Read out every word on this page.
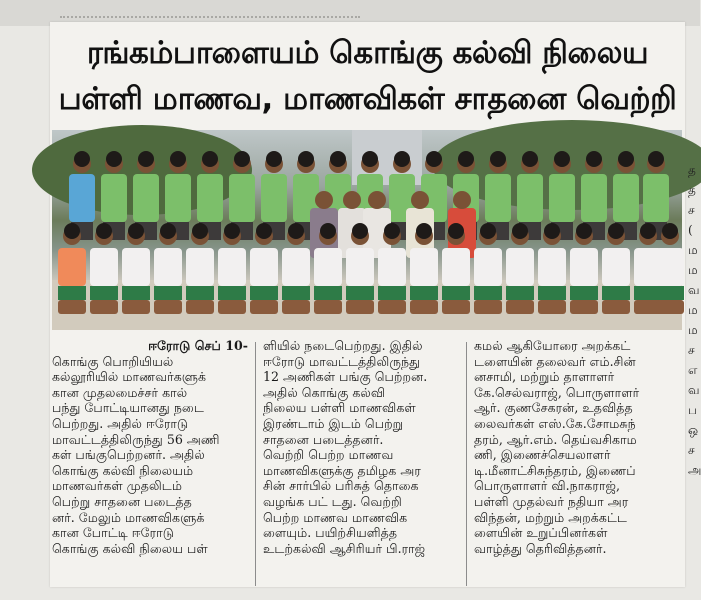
ரங்கம்பாளையம் கொங்கு கல்வி நிலைய
பள்ளி மாணவ, மாணவிகள் சாதனை வெற்றி
ஈரோடு செப் 10-
கொங்கு பொறியியல்
கல்லூரியில் மாணவர்களுக்
கான முதலமைச்சர் கால்
பந்து போட்டியானது நடை
பெற்றது. அதில் ஈரோடு
மாவட்டத்திலிருந்து 56 அணி
கள் பங்குபெற்றனர். அதில்
கொங்கு கல்வி நிலையம்
மாணவர்கள் முதலிடம்
பெற்று சாதனை படைத்த
னர். மேலும் மாணவிகளுக்
கான போட்டி ஈரோடு
கொங்கு கல்வி நிலைய பள்
ளியில் நடைபெற்றது. இதில்
ஈரோடு மாவட்டத்திலிருந்து
12 அணிகள் பங்கு பெற்றன.
அதில் கொங்கு கல்வி
நிலைய பள்ளி மாணவிகள்
இரண்டாம் இடம் பெற்று
சாதனை படைத்தனர்.
வெற்றி பெற்ற மாணவ
மாணவிகளுக்கு தமிழக அர
சின் சார்பில் பரிசுத் தொகை
வழங்க பட் டது. வெற்றி
பெற்ற மாணவ மாணவிக
ளையும். பயிற்சியளித்த
உடற்கல்வி ஆசிரியர் பி.ராஜ்
கமல் ஆகியோரை அறக்கட்
டளையின் தலைவர் எம்.சின்
னசாமி, மற்றும் தாளாளர்
கே.செல்வராஜ், பொருளாளர்
ஆர். குணசேகரன், உதவித்த
லைவர்கள் எஸ்.கே.சோமசுந்
தரம், ஆர்.எம். தெய்வசிகாம
ணி, இணைச்செயலாளர்
டி.மீனாட்சிசுந்தரம், இணைப்
பொருளாளர் வி.நாகராஜ்,
பள்ளி முதல்வர் நதியா அர
விந்தன், மற்றும் அறக்கட்ட
ளையின் உறுப்பினர்கள்
வாழ்த்து தெரிவித்தனர்.
த
த
ச
(
ம
ம
வ
ம
ம
ச
எ
வ
ப
ஒ
ச
அ
